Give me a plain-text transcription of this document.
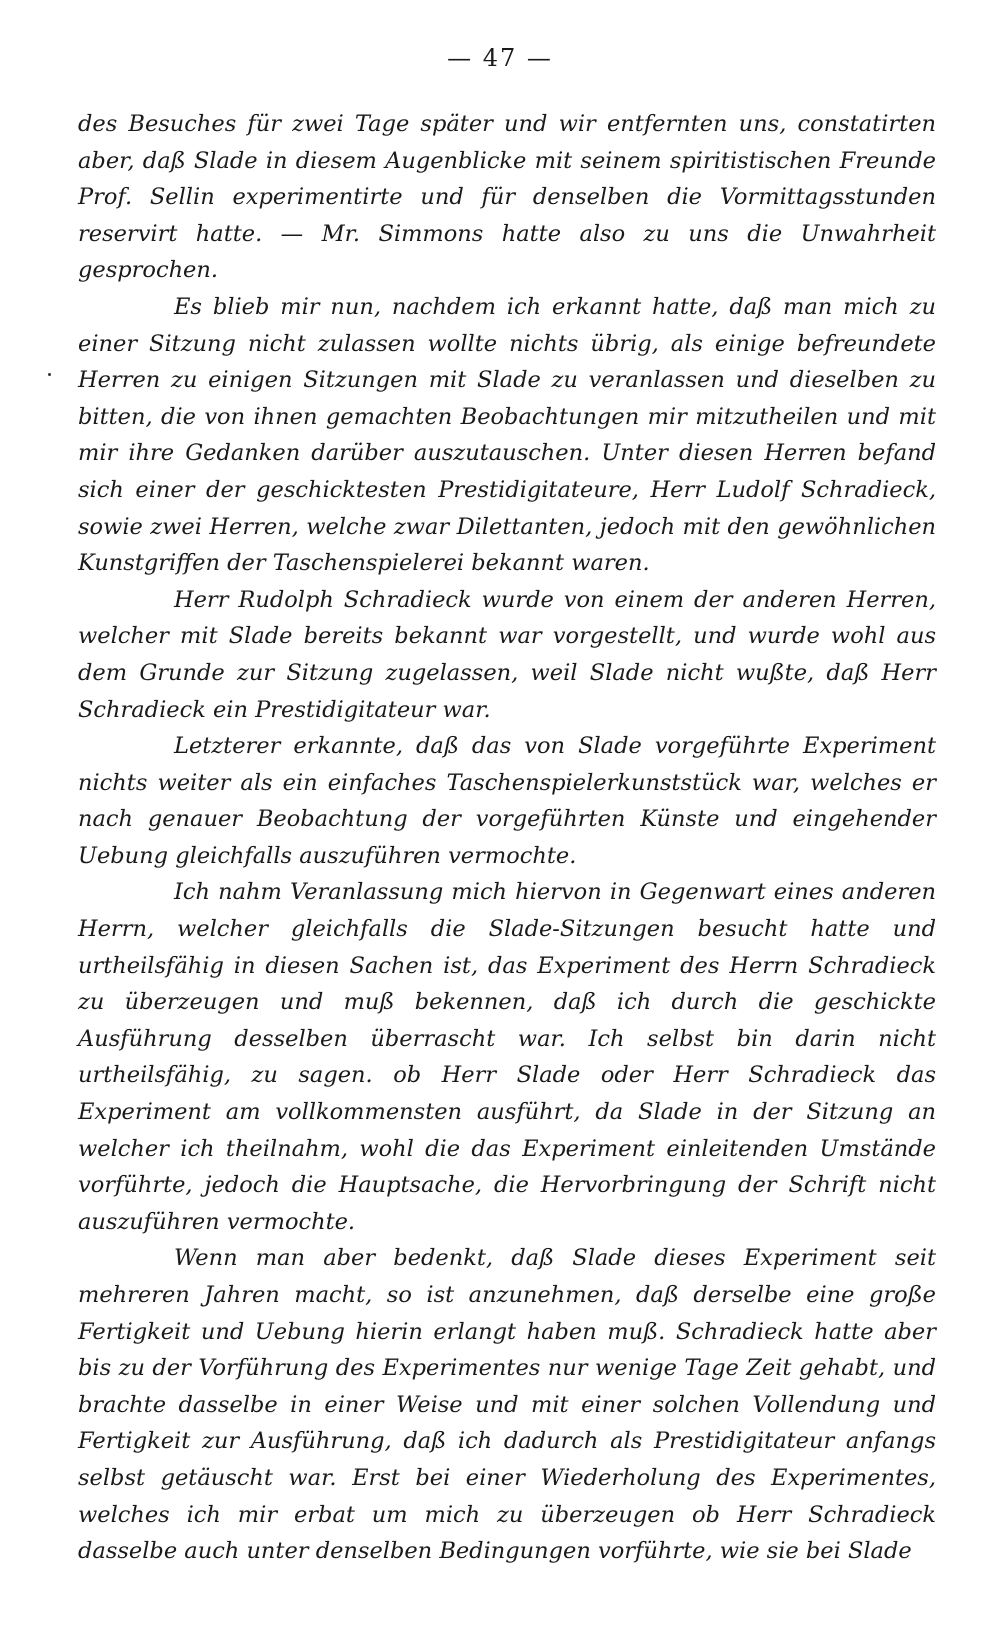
— 47 —

des Besuches für zwei Tage später und wir entfernten uns, constatirten aber, daß Slade in diesem Augenblicke mit seinem spiritistischen Freunde Prof. Sellin experimentirte und für denselben die Vormittagsstunden reservirt hatte. — Mr. Simmons hatte also zu uns die Unwahrheit gesprochen.

Es blieb mir nun, nachdem ich erkannt hatte, daß man mich zu einer Sitzung nicht zulassen wollte nichts übrig, als einige befreundete Herren zu einigen Sitzungen mit Slade zu veranlassen und dieselben zu bitten, die von ihnen gemachten Beobachtungen mir mitzutheilen und mit mir ihre Gedanken darüber auszutauschen. Unter diesen Herren befand sich einer der geschicktesten Prestidigitateure, Herr Ludolf Schradieck, sowie zwei Herren, welche zwar Dilettanten, jedoch mit den gewöhnlichen Kunstgriffen der Taschenspielerei bekannt waren.

Herr Rudolph Schradieck wurde von einem der anderen Herren, welcher mit Slade bereits bekannt war vorgestellt, und wurde wohl aus dem Grunde zur Sitzung zugelassen, weil Slade nicht wußte, daß Herr Schradieck ein Prestidigitateur war.

Letzterer erkannte, daß das von Slade vorgeführte Experiment nichts weiter als ein einfaches Taschenspielerkunststück war, welches er nach genauer Beobachtung der vorgeführten Künste und eingehender Uebung gleichfalls auszuführen vermochte.

Ich nahm Veranlassung mich hiervon in Gegenwart eines anderen Herrn, welcher gleichfalls die Slade-Sitzungen besucht hatte und urtheilsfähig in diesen Sachen ist, das Experiment des Herrn Schradieck zu überzeugen und muß bekennen, daß ich durch die geschickte Ausführung desselben überrascht war. Ich selbst bin darin nicht urtheilsfähig, zu sagen. ob Herr Slade oder Herr Schradieck das Experiment am vollkommensten ausführt, da Slade in der Sitzung an welcher ich theilnahm, wohl die das Experiment einleitenden Umstände vorführte, jedoch die Hauptsache, die Hervorbringung der Schrift nicht auszuführen vermochte.

Wenn man aber bedenkt, daß Slade dieses Experiment seit mehreren Jahren macht, so ist anzunehmen, daß derselbe eine große Fertigkeit und Uebung hierin erlangt haben muß. Schradieck hatte aber bis zu der Vorführung des Experimentes nur wenige Tage Zeit gehabt, und brachte dasselbe in einer Weise und mit einer solchen Vollendung und Fertigkeit zur Ausführung, daß ich dadurch als Prestidigitateur anfangs selbst getäuscht war. Erst bei einer Wiederholung des Experimentes, welches ich mir erbat um mich zu überzeugen ob Herr Schradieck dasselbe auch unter denselben Bedingungen vorführte, wie sie bei Slade
